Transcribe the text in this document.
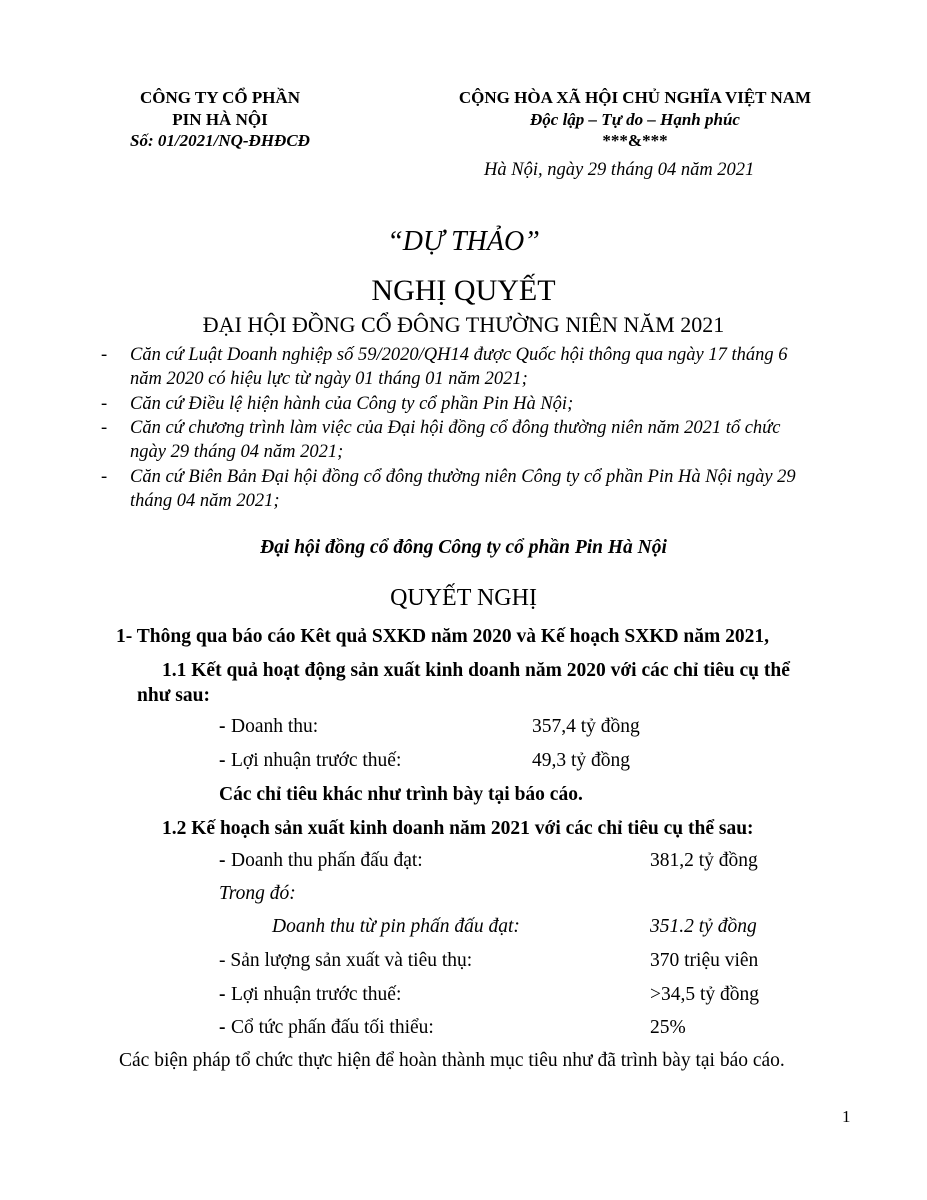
CÔNG TY CỔ PHẦN
PIN HÀ NỘI
Số: 01/2021/NQ-ĐHĐCĐ
CỘNG HÒA XÃ HỘI CHỦ NGHĨA VIỆT NAM
Độc lập – Tự do – Hạnh phúc
***&***
Hà Nội, ngày 29 tháng 04 năm 2021
“DỰ THẢO”
NGHỊ QUYẾT
ĐẠI HỘI ĐỒNG CỔ ĐÔNG THƯỜNG NIÊN NĂM 2021
- Căn cứ Luật Doanh nghiệp số 59/2020/QH14 được Quốc hội thông qua ngày 17 tháng 6
năm 2020 có hiệu lực từ ngày 01 tháng 01 năm 2021;
- Căn cứ Điều lệ hiện hành của Công ty cổ phần Pin Hà Nội;
- Căn cứ chương trình làm việc của Đại hội đồng cổ đông thường niên năm 2021 tổ chức
ngày 29 tháng 04 năm 2021;
- Căn cứ Biên Bản Đại hội đồng cổ đông thường niên Công ty cổ phần Pin Hà Nội ngày 29
tháng 04 năm 2021;
Đại hội đồng cổ đông Công ty cổ phần Pin Hà Nội
QUYẾT NGHỊ
1- Thông qua báo cáo Kêt quả SXKD năm 2020 và Kế hoạch SXKD năm 2021,
1.1 Kết quả hoạt động sản xuất kinh doanh năm 2020 với các chỉ tiêu cụ thể
như sau:
- Doanh thu:	357,4 tỷ đồng
- Lợi nhuận trước thuế:	49,3 tỷ đồng
Các chỉ tiêu khác như trình bày tại báo cáo.
1.2 Kế hoạch sản xuất kinh doanh năm 2021 với các chỉ tiêu cụ thể sau:
- Doanh thu phấn đấu đạt:	381,2 tỷ đồng
Trong đó:
Doanh thu từ pin phấn đấu đạt:	351.2 tỷ đồng
- Sản lượng sản xuất và tiêu thụ:	370 triệu viên
- Lợi nhuận trước thuế:	>34,5 tỷ đồng
- Cổ tức phấn đấu tối thiểu:	25%
Các biện pháp tổ chức thực hiện để hoàn thành mục tiêu như đã trình bày tại báo cáo.
1
